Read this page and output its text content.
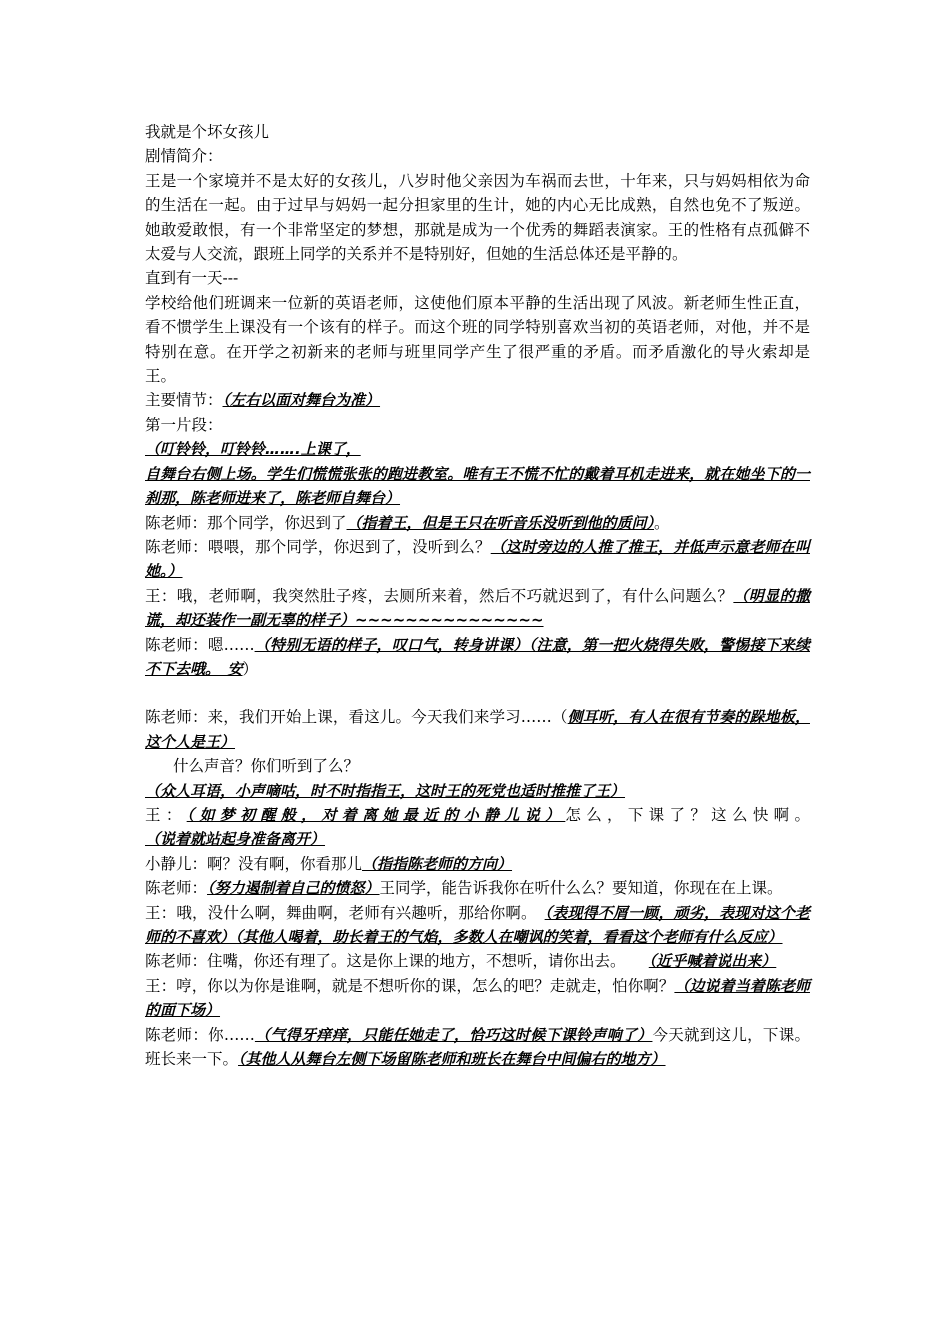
我就是个坏女孩儿

剧情简介：

王是一个家境并不是太好的女孩儿，八岁时他父亲因为车祸而去世，十年来，只与妈妈相依为命的生活在一起。由于过早与妈妈一起分担家里的生计，她的内心无比成熟，自然也免不了叛逆。她敢爱敢恨，有一个非常坚定的梦想，那就是成为一个优秀的舞蹈表演家。王的性格有点孤僻不太爱与人交流，跟班上同学的关系并不是特别好，但她的生活总体还是平静的。

直到有一天---

学校给他们班调来一位新的英语老师，这使他们原本平静的生活出现了风波。新老师生性正直，看不惯学生上课没有一个该有的样子。而这个班的同学特别喜欢当初的英语老师，对他，并不是特别在意。在开学之初新来的老师与班里同学产生了很严重的矛盾。而矛盾激化的导火索却是王。

主要情节：（左右以面对舞台为准）

第一片段：

（叮铃铃，叮铃铃…….上课了，

自舞台右侧上场。学生们慌慌张张的跑进教室。唯有王不慌不忙的戴着耳机走进来，就在她坐下的一刹那，陈老师进来了，陈老师自舞台）

陈老师：那个同学，你迟到了（指着王，但是王只在听音乐没听到他的质问）。

陈老师：喂喂，那个同学，你迟到了，没听到么？（这时旁边的人推了推王，并低声示意老师在叫她。）

王：哦，老师啊，我突然肚子疼，去厕所来着，然后不巧就迟到了，有什么问题么？（明显的撒谎，却还装作一副无辜的样子）~~~~~~~~~~~~~~~

陈老师：嗯……（特别无语的样子，叹口气，转身讲课）（注意，第一把火烧得失败，警惕接下来续不下去哦。　安）

陈老师：来，我们开始上课，看这儿。今天我们来学习……（侧耳听，有人在很有节奏的跺地板，这个人是王）

什么声音？你们听到了么？

（众人耳语，小声嘀咕，时不时指指王，这时王的死党也适时推推了王）

王：（如梦初醒般，对着离她最近的小静儿说）怎么，下课了？这么快啊。（说着就站起身准备离开）

小静儿：啊？没有啊，你看那儿（指指陈老师的方向）

陈老师：（努力遏制着自己的愤怒）王同学，能告诉我你在听什么么？要知道，你现在在上课。

王：哦，没什么啊，舞曲啊，老师有兴趣听，那给你啊。　（表现得不屑一顾，顽劣，表现对这个老师的不喜欢）（其他人喝着，助长着王的气焰，多数人在嘲讽的笑着，看看这个老师有什么反应）

陈老师：住嘴，你还有理了。这是你上课的地方，不想听，请你出去。　　（近乎喊着说出来）

王：哼，你以为你是谁啊，就是不想听你的课，怎么的吧？走就走，怕你啊？（边说着当着陈老师的面下场）

陈老师：你……（气得牙痒痒，只能任她走了，恰巧这时候下课铃声响了）今天就到这儿，下课。班长来一下。（其他人从舞台左侧下场留陈老师和班长在舞台中间偏右的地方）
